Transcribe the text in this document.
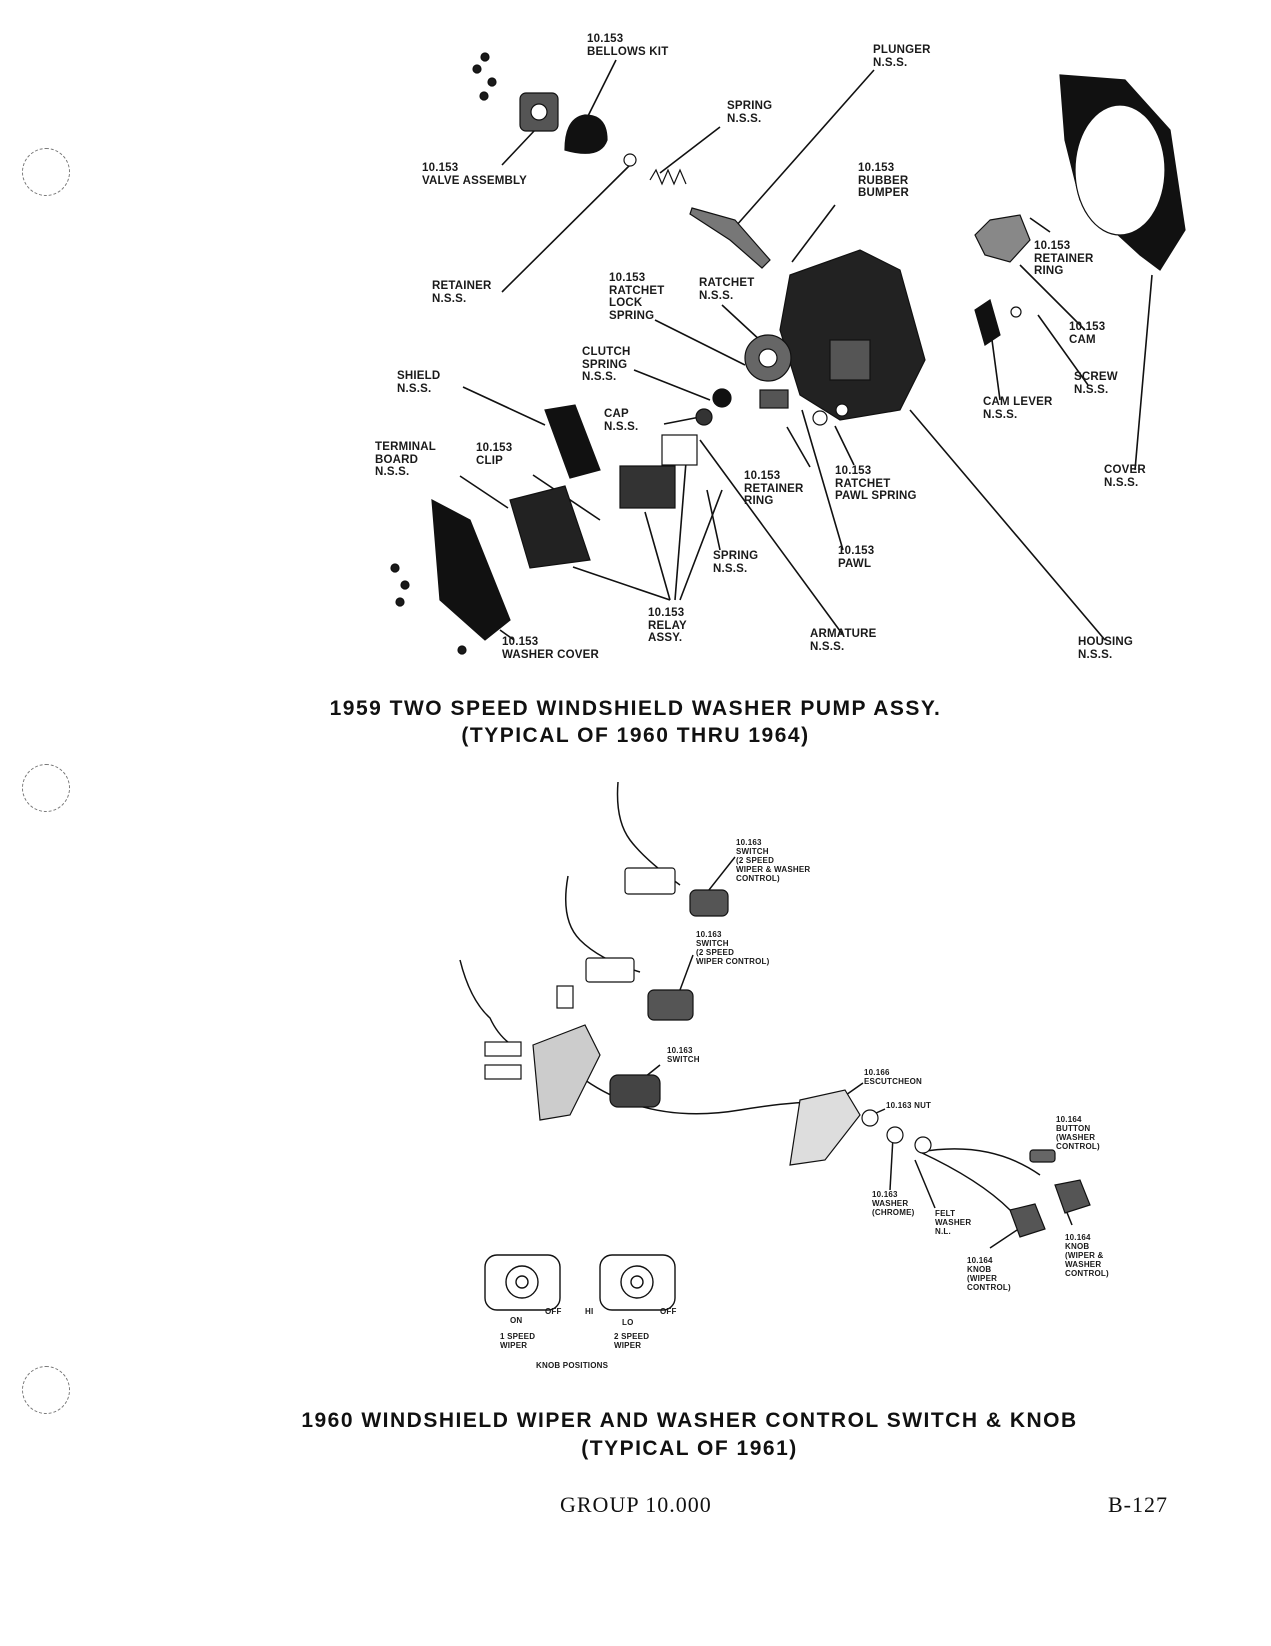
10.153
BELLOWS KIT	PLUNGER
N.S.S.
SPRING
N.S.S.
10.153
VALVE ASSEMBLY
10.153
RUBBER
BUMPER
10.153
RETAINER
RING
RETAINER
N.S.S.
10.153
RATCHET
LOCK
SPRING
RATCHET
N.S.S.
10.153
CAM
CLUTCH
SPRING
N.S.S.	SCREW
N.S.S.
SHIELD
N.S.S.
CAM LEVER
N.S.S.
CAP
N.S.S.
TERMINAL
BOARD
N.S.S.
10.153
CLIP
10.153
RETAINER
RING
10.153
RATCHET
PAWL SPRING
COVER
N.S.S.
10.153
PAWL
SPRING
N.S.S.
10.153
RELAY
ASSY.	ARMATURE
N.S.S.	HOUSING
N.S.S.
10.153
WASHER COVER
1959 TWO SPEED WINDSHIELD WASHER PUMP ASSY.
(TYPICAL OF 1960 THRU 1964)
10.163
SWITCH
(2 SPEED
WIPER & WASHER
CONTROL)
10.163
SWITCH
(2 SPEED
WIPER CONTROL)
10.163
SWITCH
10.166
ESCUTCHEON
10.163 NUT
10.164
BUTTON
(WASHER
CONTROL)
10.163
WASHER
(CHROME)	FELT
WASHER
N.L.
10.164
KNOB
(WIPER
CONTROL)
10.164
KNOB
(WIPER &
WASHER
CONTROL)
ON
OFF
1 SPEED
WIPER
HI
LO
OFF
2 SPEED
WIPER
KNOB POSITIONS
1960 WINDSHIELD WIPER AND WASHER CONTROL SWITCH & KNOB
(TYPICAL OF 1961)
GROUP 10.000	B-127
